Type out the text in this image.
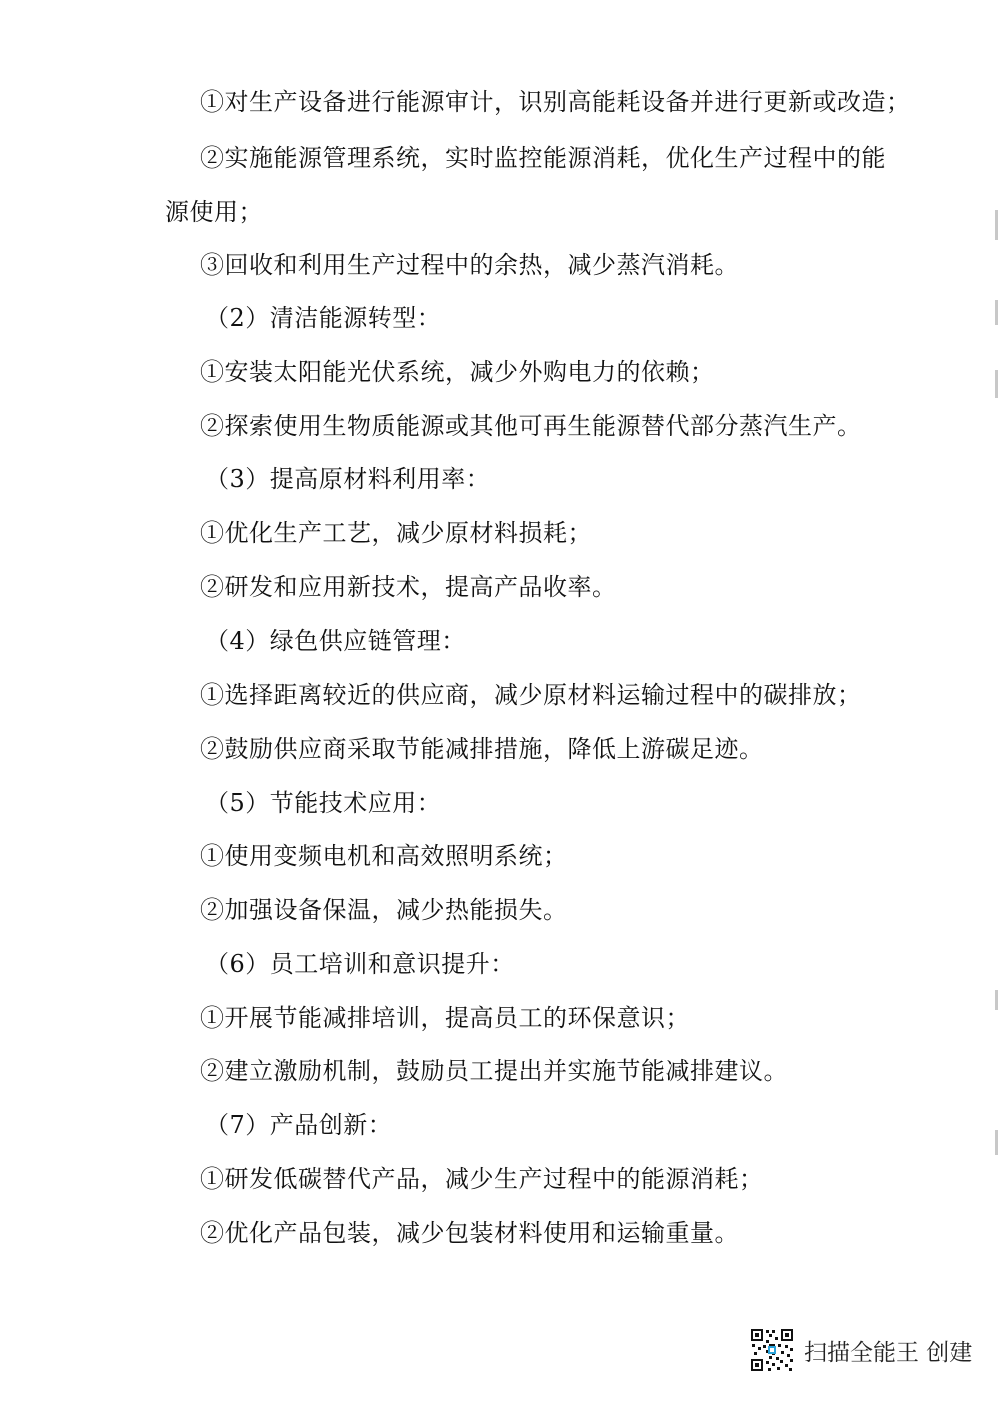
①对生产设备进行能源审计，识别高能耗设备并进行更新或改造；
②实施能源管理系统，实时监控能源消耗，优化生产过程中的能
源使用；
③回收和利用生产过程中的余热，减少蒸汽消耗。
（2）清洁能源转型：
①安装太阳能光伏系统，减少外购电力的依赖；
②探索使用生物质能源或其他可再生能源替代部分蒸汽生产。
（3）提高原材料利用率：
①优化生产工艺，减少原材料损耗；
②研发和应用新技术，提高产品收率。
（4）绿色供应链管理：
①选择距离较近的供应商，减少原材料运输过程中的碳排放；
②鼓励供应商采取节能减排措施，降低上游碳足迹。
（5）节能技术应用：
①使用变频电机和高效照明系统；
②加强设备保温，减少热能损失。
（6）员工培训和意识提升：
①开展节能减排培训，提高员工的环保意识；
②建立激励机制，鼓励员工提出并实施节能减排建议。
（7）产品创新：
①研发低碳替代产品，减少生产过程中的能源消耗；
②优化产品包装，减少包装材料使用和运输重量。
扫描全能王 创建
